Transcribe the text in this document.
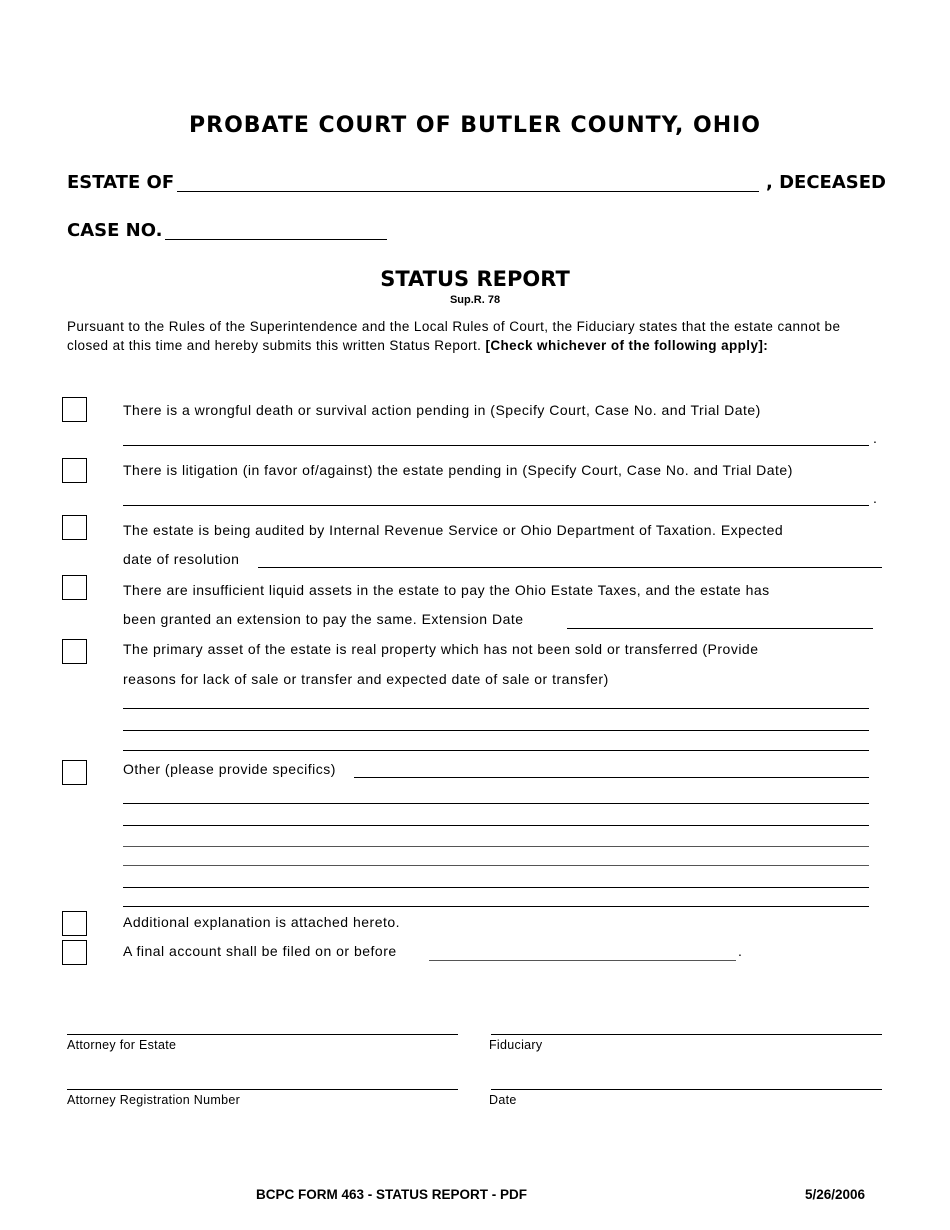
PROBATE COURT OF BUTLER COUNTY, OHIO
ESTATE OF	, DECEASED
CASE NO.
STATUS REPORT
Sup.R. 78
Pursuant to the Rules of the Superintendence and the Local Rules of Court, the Fiduciary states that the estate cannot be closed at this time and hereby submits this written Status Report. [Check whichever of the following apply]:
There is a wrongful death or survival action pending in (Specify Court, Case No. and Trial Date)
.
There is litigation (in favor of/against) the estate pending in (Specify Court, Case No. and Trial Date)
.
The estate is being audited by Internal Revenue Service or Ohio Department of Taxation. Expected
date of resolution
There are insufficient liquid assets in the estate to pay the Ohio Estate Taxes, and the estate has
been granted an extension to pay the same. Extension Date
The primary asset of the estate is real property which has not been sold or transferred (Provide
reasons for lack of sale or transfer and expected date of sale or transfer)
Other (please provide specifics)
Additional explanation is attached hereto.
A final account shall be filed on or before	.
Attorney for Estate	Fiduciary
Attorney Registration Number	Date
BCPC FORM 463 - STATUS REPORT - PDF	5/26/2006
